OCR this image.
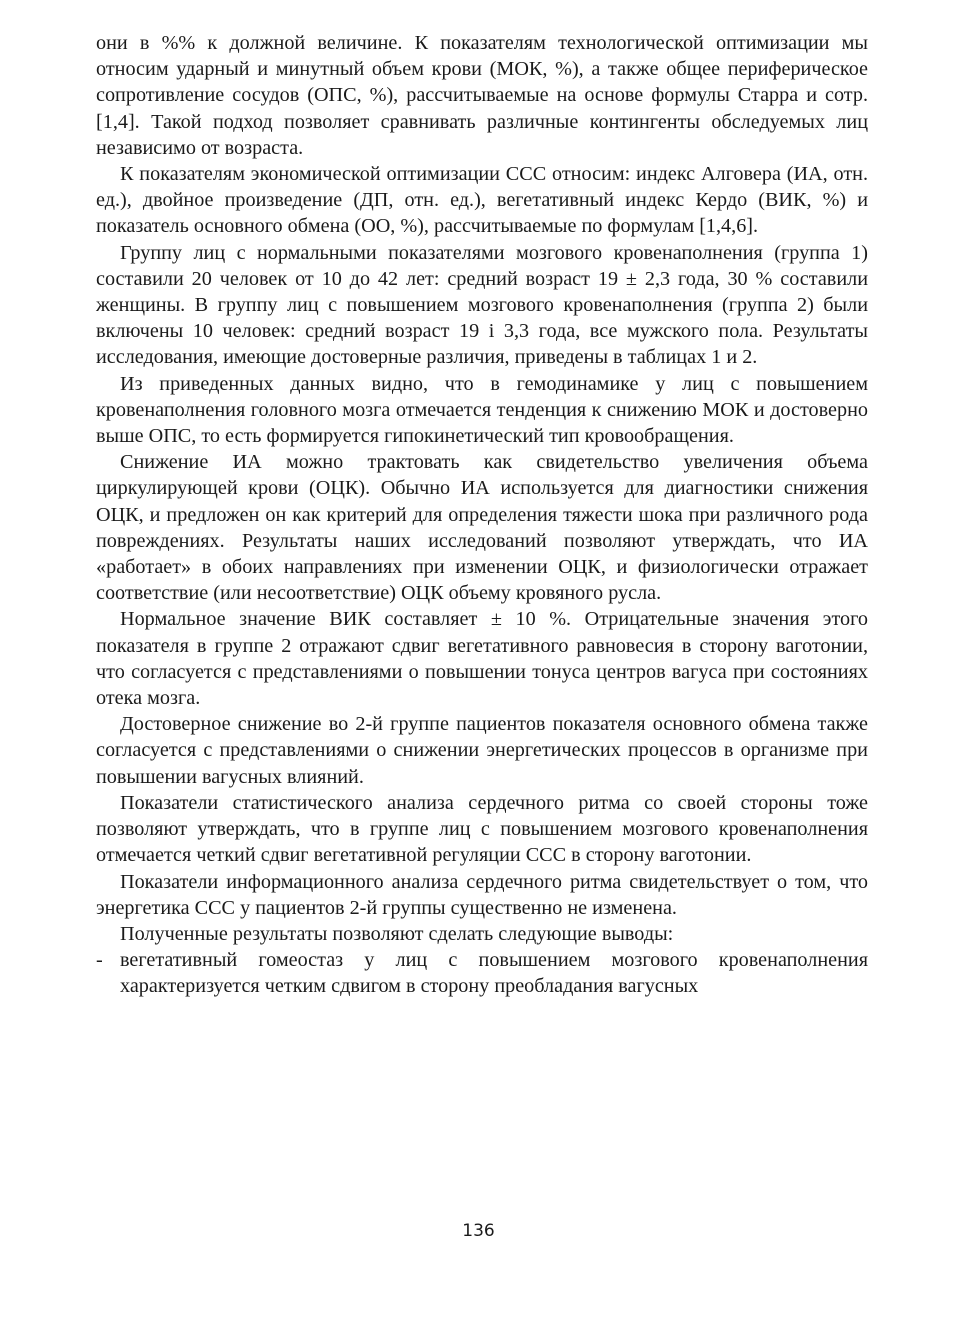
они в %% к должной величине. К показателям технологической оптимизации мы относим ударный и минутный объем крови (МОК, %), а также общее периферическое сопротивление сосудов (ОПС, %), рассчитываемые на основе формулы Старра и сотр. [1,4]. Такой подход позволяет сравнивать различные контингенты обследуемых лиц независимо от возраста.

К показателям экономической оптимизации ССС относим: индекс Алговера (ИА, отн. ед.), двойное произведение (ДП, отн. ед.), вегетативный индекс Кердо (ВИК, %) и показатель основного обмена (ОО, %), рассчитываемые по формулам [1,4,6].

Группу лиц с нормальными показателями мозгового кровенаполнения (группа 1) составили 20 человек от 10 до 42 лет: средний возраст 19 ± 2,3 года, 30 % составили женщины. В группу лиц с повышением мозгового кровенаполнения (группа 2) были включены 10 человек: средний возраст 19 і 3,3 года, все мужского пола. Результаты исследования, имеющие достоверные различия, приведены в таблицах 1 и 2.

Из приведенных данных видно, что в гемодинамике у лиц с повышением кровенаполнения головного мозга отмечается тенденция к снижению МОК и достоверно выше ОПС, то есть формируется гипокинетический тип кровообращения.

Снижение ИА можно трактовать как свидетельство увеличения объема циркулирующей крови (ОЦК). Обычно ИА используется для диагностики снижения ОЦК, и предложен он как критерий для определения тяжести шока при различного рода повреждениях. Результаты наших исследований позволяют утверждать, что ИА «работает» в обоих направлениях при изменении ОЦК, и физиологически отражает соответствие (или несоответствие) ОЦК объему кровяного русла.

Нормальное значение ВИК составляет ± 10 %. Отрицательные значения этого показателя в группе 2 отражают сдвиг вегетативного равновесия в сторону ваготонии, что согласуется с представлениями о повышении тонуса центров вагуса при состояниях отека мозга.

Достоверное снижение во 2-й группе пациентов показателя основного обмена также согласуется с представлениями о снижении энергетических процессов в организме при повышении вагусных влияний.

Показатели статистического анализа сердечного ритма со своей стороны тоже позволяют утверждать, что в группе лиц с повышением мозгового кровенаполнения отмечается четкий сдвиг вегетативной регуляции ССС в сторону ваготонии.

Показатели информационного анализа сердечного ритма свидетельствует о том, что энергетика ССС у пациентов 2-й группы существенно не изменена.

Полученные результаты позволяют сделать следующие выводы:

- вегетативный гомеостаз у лиц с повышением мозгового кровенаполнения характеризуется четким сдвигом в сторону преобладания вагусных
136
